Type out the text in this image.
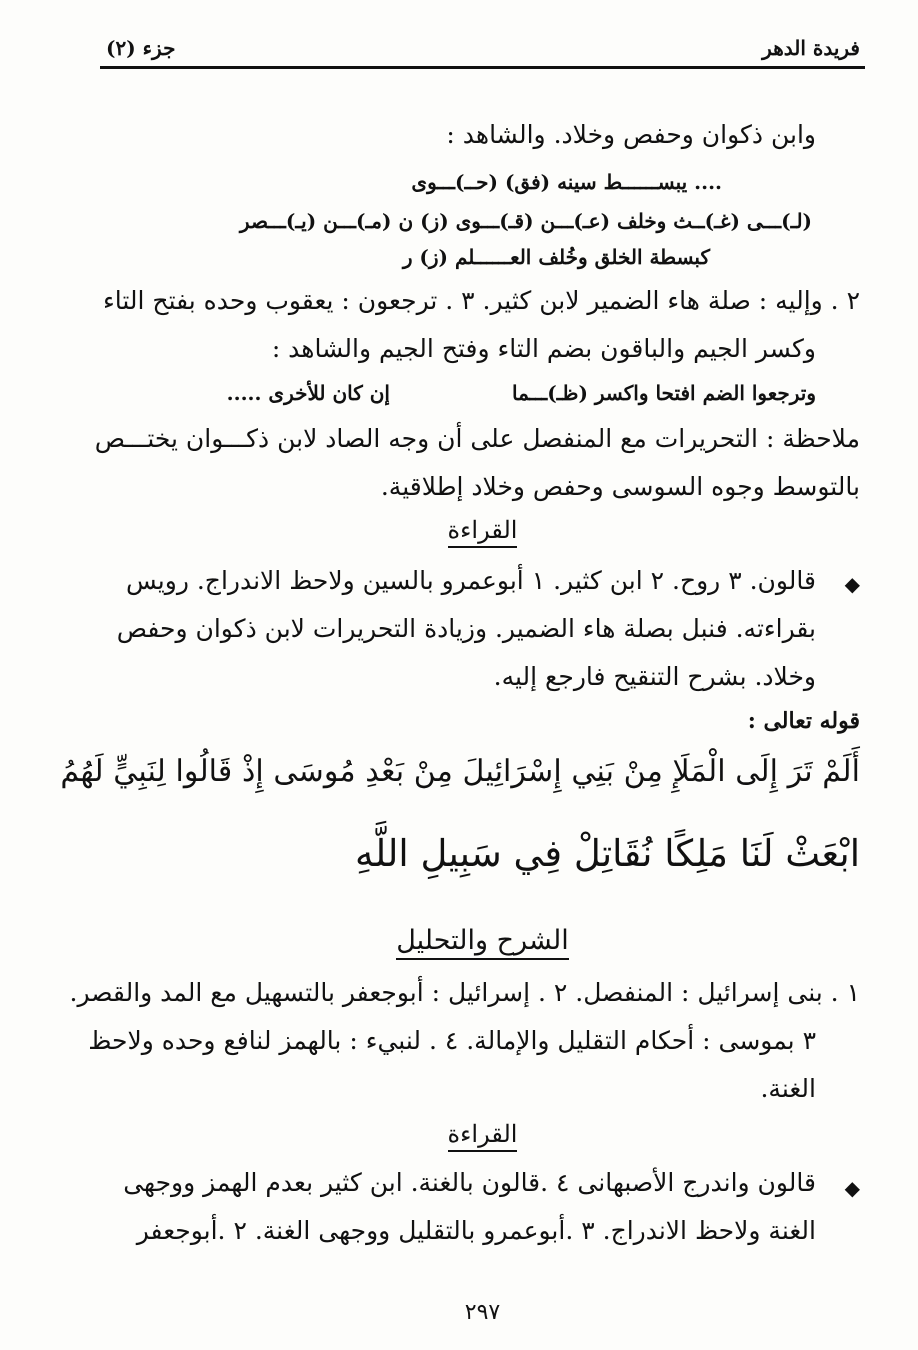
فريدة الدهر
جزء (٢)
وابن ذكوان وحفص وخلاد. والشاهد :
.... يبســــــط سينه (فق) (حــ)ـــوى
(لـ)ـــى (غـ)ــث وخلف (عـ)ـــن (قـ)ـــوى (ز) ن (مـ)ـــن (يـ)ـــصر
كبسطة الخلق وخُلف العــــــلم (ز) ر
٢ . وإليه : صلة هاء الضمير لابن كثير. ٣ . ترجعون : يعقوب وحده بفتح التاء
وكسر الجيم والباقون بضم التاء وفتح الجيم والشاهد :
وترجعوا الضم افتحا واكسر (ظـ)ـــما
إن كان للأخرى .....
ملاحظة : التحريرات مع المنفصل على أن وجه الصاد لابن ذكـــوان يختـــص
بالتوسط وجوه السوسى وحفص وخلاد إطلاقية.
القراءة
◆
قالون. ٣ روح. ٢ ابن كثير. ١ أبوعمرو بالسين ولاحظ الاندراج. رويس
بقراءته. فنبل بصلة هاء الضمير. وزيادة التحريرات لابن ذكوان وحفص
وخلاد. بشرح التنقيح فارجع إليه.
قوله تعالى :
أَلَمْ تَرَ إِلَى الْمَلَإِ مِنْ بَنِي إِسْرَائِيلَ مِنْ بَعْدِ مُوسَى إِذْ قَالُوا لِنَبِيٍّ لَهُمُ
ابْعَثْ لَنَا مَلِكًا نُقَاتِلْ فِي سَبِيلِ اللَّهِ
الشرح والتحليل
١ . بنى إسرائيل : المنفصل. ٢ . إسرائيل : أبوجعفر بالتسهيل مع المد والقصر.
٣ بموسى : أحكام التقليل والإمالة. ٤ . لنبيء : بالهمز لنافع وحده ولاحظ
الغنة.
القراءة
◆
قالون واندرج الأصبهانى ٤ .قالون بالغنة. ابن كثير بعدم الهمز ووجهى
الغنة ولاحظ الاندراج. ٣ .أبوعمرو بالتقليل ووجهى الغنة. ٢ .أبوجعفر
٢٩٧
